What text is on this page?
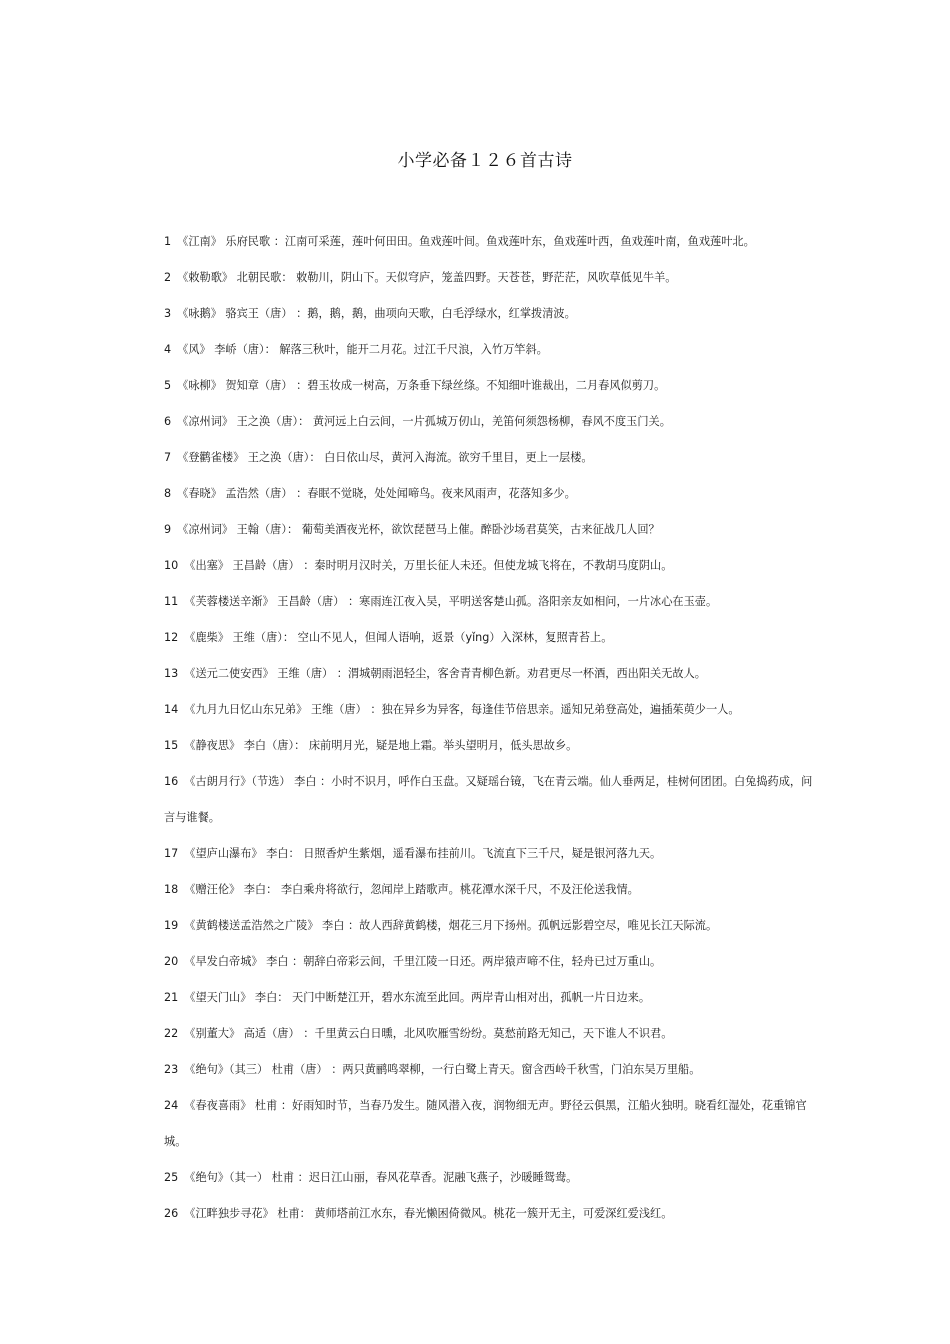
小学必备１２６首古诗

1 《江南》 乐府民歌 ：江南可采莲，莲叶何田田。鱼戏莲叶间。鱼戏莲叶东，鱼戏莲叶西，鱼戏莲叶南，鱼戏莲叶北。

2 《敕勒歌》 北朝民歌： 敕勒川，阴山下。天似穹庐，笼盖四野。天苍苍，野茫茫，风吹草低见牛羊。

3 《咏鹅》 骆宾王（唐） ：鹅，鹅，鹅，曲项向天歌，白毛浮绿水，红掌拨清波。

4 《风》 李峤（唐）： 解落三秋叶，能开二月花。过江千尺浪，入竹万竿斜。

5 《咏柳》 贺知章（唐） ：碧玉妆成一树高，万条垂下绿丝绦。不知细叶谁裁出，二月春风似剪刀。

6 《凉州词》 王之涣（唐）： 黄河远上白云间，一片孤城万仞山，羌笛何须怨杨柳，春风不度玉门关。

7 《登鹳雀楼》 王之涣（唐）： 白日依山尽，黄河入海流。欲穷千里目，更上一层楼。

8 《春晓》 孟浩然（唐） ：春眠不觉晓，处处闻啼鸟。夜来风雨声，花落知多少。

9 《凉州词》 王翰（唐）： 葡萄美酒夜光杯，欲饮琵琶马上催。醉卧沙场君莫笑，古来征战几人回？

10 《出塞》 王昌龄（唐） ：秦时明月汉时关，万里长征人未还。但使龙城飞将在，不教胡马度阴山。

11 《芙蓉楼送辛渐》 王昌龄（唐） ：寒雨连江夜入吴，平明送客楚山孤。洛阳亲友如相问，一片冰心在玉壶。

12 《鹿柴》 王维（唐）： 空山不见人，但闻人语响，返景（yǐng）入深林，复照青苔上。

13 《送元二使安西》 王维（唐） ：渭城朝雨浥轻尘，客舍青青柳色新。劝君更尽一杯酒，西出阳关无故人。

14 《九月九日忆山东兄弟》 王维（唐） ：独在异乡为异客，每逢佳节倍思亲。遥知兄弟登高处，遍插茱萸少一人。

15 《静夜思》 李白（唐）： 床前明月光，疑是地上霜。举头望明月，低头思故乡。

16 《古朗月行》（节选） 李白 ：小时不识月，呼作白玉盘。又疑瑶台镜，飞在青云端。仙人垂两足，桂树何团团。白兔捣药成，问言与谁餐。

17 《望庐山瀑布》 李白： 日照香炉生紫烟，遥看瀑布挂前川。飞流直下三千尺，疑是银河落九天。

18 《赠汪伦》 李白： 李白乘舟将欲行，忽闻岸上踏歌声。桃花潭水深千尺，不及汪伦送我情。

19 《黄鹤楼送孟浩然之广陵》 李白 ：故人西辞黄鹤楼，烟花三月下扬州。孤帆远影碧空尽，唯见长江天际流。

20 《早发白帝城》 李白 ：朝辞白帝彩云间，千里江陵一日还。两岸猿声啼不住，轻舟已过万重山。

21 《望天门山》 李白： 天门中断楚江开，碧水东流至此回。两岸青山相对出，孤帆一片日边来。

22 《别董大》 高适（唐） ：千里黄云白日曛，北风吹雁雪纷纷。莫愁前路无知己，天下谁人不识君。

23 《绝句》（其三） 杜甫（唐） ：两只黄鹂鸣翠柳，一行白鹭上青天。窗含西岭千秋雪，门泊东吴万里船。

24 《春夜喜雨》 杜甫 ：好雨知时节，当春乃发生。随风潜入夜，润物细无声。野径云俱黑，江船火独明。晓看红湿处，花重锦官城。

25 《绝句》（其一） 杜甫 ：迟日江山丽，春风花草香。泥融飞燕子，沙暖睡鸳鸯。

26 《江畔独步寻花》 杜甫： 黄师塔前江水东，春光懒困倚微风。桃花一簇开无主，可爱深红爱浅红。
